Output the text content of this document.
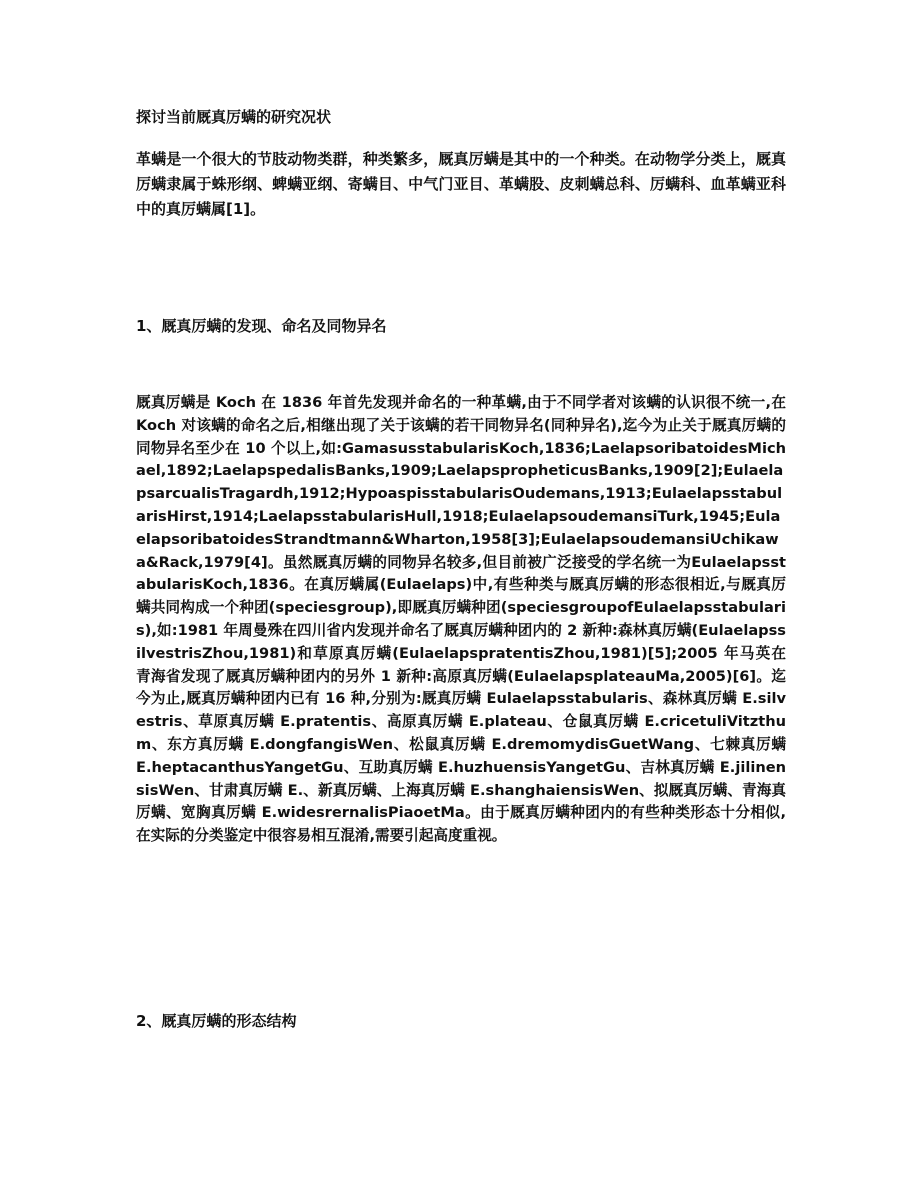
探讨当前厩真厉螨的研究况状
革螨是一个很大的节肢动物类群，种类繁多，厩真厉螨是其中的一个种类。在动物学分类上，厩真厉螨隶属于蛛形纲、蜱螨亚纲、寄螨目、中气门亚目、革螨股、皮刺螨总科、厉螨科、血革螨亚科中的真厉螨属[1]。
1、厩真厉螨的发现、命名及同物异名
厩真厉螨是 Koch 在 1836 年首先发现并命名的一种革螨,由于不同学者对该螨的认识很不统一,在 Koch 对该螨的命名之后,相继出现了关于该螨的若干同物异名(同种异名),迄今为止关于厩真厉螨的同物异名至少在 10 个以上,如:GamasusstabularisKoch,1836;LaelapsoribatoidesMichael,1892;LaelapspedalisBanks,1909;LaelapspropheticusBanks,1909[2];EulaelapsarcualisTragardh,1912;HypoaspisstabularisOudemans,1913;EulaelapsstabularisHirst,1914;LaelapsstabularisHull,1918;EulaelapsoudemansiTurk,1945;EulaelapsoribatoidesStrandtmann&Wharton,1958[3];EulaelapsoudemansiUchikawa&Rack,1979[4]。虽然厩真厉螨的同物异名较多,但目前被广泛接受的学名统一为EulaelapsstabularisKoch,1836。在真厉螨属(Eulaelaps)中,有些种类与厩真厉螨的形态很相近,与厩真厉螨共同构成一个种团(speciesgroup),即厩真厉螨种团(speciesgroupofEulaelapsstabularis),如:1981 年周曼殊在四川省内发现并命名了厩真厉螨种团内的 2 新种:森林真厉螨(EulaelapssilvestrisZhou,1981)和草原真厉螨(EulaelapspratentisZhou,1981)[5];2005 年马英在青海省发现了厩真厉螨种团内的另外 1 新种:高原真厉螨(EulaelapsplateauMa,2005)[6]。迄今为止,厩真厉螨种团内已有 16 种,分别为:厩真厉螨 Eulaelapsstabularis、森林真厉螨 E.silvestris、草原真厉螨 E.pratentis、高原真厉螨 E.plateau、仓鼠真厉螨 E.cricetuliVitzthum、东方真厉螨 E.dongfangisWen、松鼠真厉螨 E.dremomydisGuetWang、七棘真厉螨 E.heptacanthusYangetGu、互助真厉螨 E.huzhuensisYangetGu、吉林真厉螨 E.jilinensisWen、甘肃真厉螨 E.、新真厉螨、上海真厉螨 E.shanghaiensisWen、拟厩真厉螨、青海真厉螨、宽胸真厉螨 E.widesrernalisPiaoetMa。由于厩真厉螨种团内的有些种类形态十分相似,在实际的分类鉴定中很容易相互混淆,需要引起高度重视。
2、厩真厉螨的形态结构
